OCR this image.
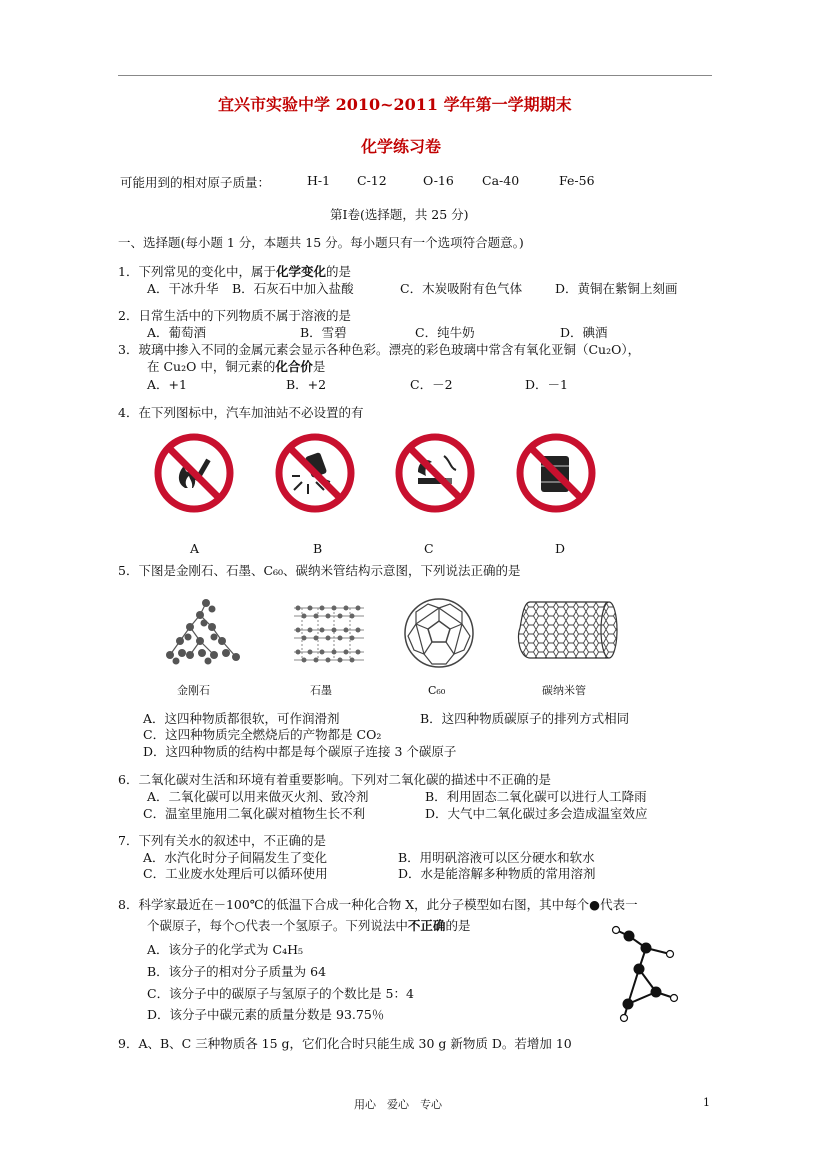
宜兴市实验中学 2010~2011 学年第一学期期末
化学练习卷
可能用到的相对原子质量：	H-1 C-12	O-16 Ca-40	Fe-56
第Ⅰ卷(选择题，共 25 分)
一、选择题(每小题 1 分，本题共 15 分。每小题只有一个选项符合题意。)
1．下列常见的变化中，属于化学变化的是
A．干冰升华 B．石灰石中加入盐酸	C．木炭吸附有色气体	D．黄铜在紫铜上刻画
2．日常生活中的下列物质不属于溶液的是
A．葡萄酒	B．雪碧	C．纯牛奶	D．碘酒
3．玻璃中掺入不同的金属元素会显示各种色彩。漂亮的彩色玻璃中常含有氧化亚铜（Cu₂O），
在 Cu₂O 中，铜元素的化合价是
A．+1	B．+2	C．－2	D．－1
4．在下列图标中，汽车加油站不必设置的有
A	B	C	D
5．下图是金刚石、石墨、C₆₀、碳纳米管结构示意图，下列说法正确的是
金刚石	石墨	C₆₀	碳纳米管
A．这四种物质都很软，可作润滑剂	B．这四种物质碳原子的排列方式相同
C．这四种物质完全燃烧后的产物都是 CO₂
D．这四种物质的结构中都是每个碳原子连接 3 个碳原子
6．二氧化碳对生活和环境有着重要影响。下列对二氧化碳的描述中不正确的是
A．二氧化碳可以用来做灭火剂、致冷剂	B．利用固态二氧化碳可以进行人工降雨
C．温室里施用二氧化碳对植物生长不利	D．大气中二氧化碳过多会造成温室效应
7．下列有关水的叙述中，不正确的是
A．水汽化时分子间隔发生了变化	B．用明矾溶液可以区分硬水和软水
C．工业废水处理后可以循环使用	D．水是能溶解多种物质的常用溶剂
8．科学家最近在－100℃的低温下合成一种化合物 X，此分子模型如右图，其中每个●代表一
个碳原子，每个○代表一个氢原子。下列说法中不正确的是
A．该分子的化学式为 C₄H₅
B．该分子的相对分子质量为 64
C．该分子中的碳原子与氢原子的个数比是 5：4
D．该分子中碳元素的质量分数是 93.75％
9．A、B、C 三种物质各 15 g，它们化合时只能生成 30 g 新物质 D。若增加 10
用心　爱心　专心	1
